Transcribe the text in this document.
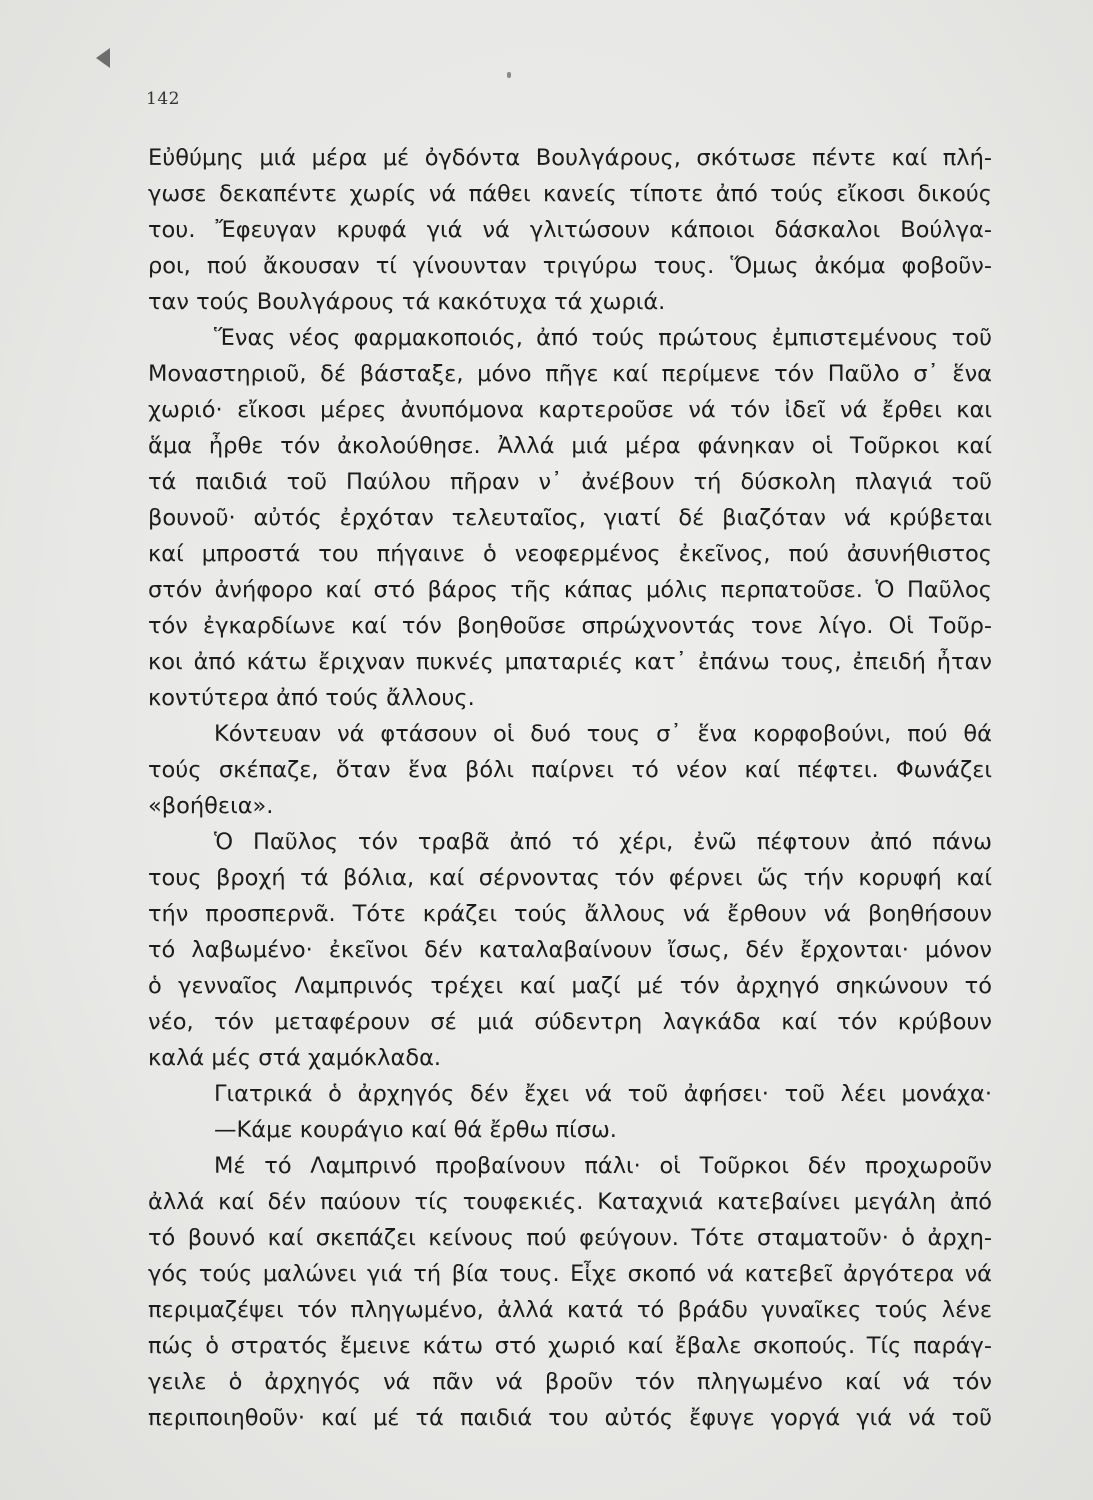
142
Εὐθύμης μιά μέρα μέ ὀγδόντα Βουλγάρους, σκότωσε πέντε καί πλή-
γωσε δεκαπέντε χωρίς νά πάθει κανείς τίποτε ἀπό τούς εἴκοσι δικούς
του. Ἔφευγαν κρυφά γιά νά γλιτώσουν κάποιοι δάσκαλοι Βούλγα-
ροι, πού ἄκουσαν τί γίνουνταν τριγύρω τους. Ὅμως ἀκόμα φοβοῦν-
ταν τούς Βουλγάρους τά κακότυχα τά χωριά.
Ἕνας νέος φαρμακοποιός, ἀπό τούς πρώτους ἐμπιστεμένους τοῦ
Μοναστηριοῦ, δέ βάσταξε, μόνο πῆγε καί περίμενε τόν Παῦλο σ᾿ ἕνα
χωριό· εἴκοσι μέρες ἀνυπόμονα καρτεροῦσε νά τόν ἰδεῖ νά ἔρθει και
ἅμα ἦρθε τόν ἀκολούθησε. Ἀλλά μιά μέρα φάνηκαν οἱ Τοῦρκοι καί
τά παιδιά τοῦ Παύλου πῆραν ν᾿ ἀνέβουν τή δύσκολη πλαγιά τοῦ
βουνοῦ· αὐτός ἐρχόταν τελευταῖος, γιατί δέ βιαζόταν νά κρύβεται
καί μπροστά του πήγαινε ὁ νεοφερμένος ἐκεῖνος, πού ἀσυνήθιστος
στόν ἀνήφορο καί στό βάρος τῆς κάπας μόλις περπατοῦσε. Ὁ Παῦλος
τόν ἐγκαρδίωνε καί τόν βοηθοῦσε σπρώχνοντάς τονε λίγο. Οἱ Τοῦρ-
κοι ἀπό κάτω ἔριχναν πυκνές μπαταριές κατ᾿ ἐπάνω τους, ἐπειδή ἦταν
κοντύτερα ἀπό τούς ἄλλους.
Κόντευαν νά φτάσουν οἱ δυό τους σ᾿ ἕνα κορφοβούνι, πού θά
τούς σκέπαζε, ὅταν ἕνα βόλι παίρνει τό νέον καί πέφτει. Φωνάζει
«βοήθεια».
Ὁ Παῦλος τόν τραβᾶ ἀπό τό χέρι, ἐνῶ πέφτουν ἀπό πάνω
τους βροχή τά βόλια, καί σέρνοντας τόν φέρνει ὥς τήν κορυφή καί
τήν προσπερνᾶ. Τότε κράζει τούς ἄλλους νά ἔρθουν νά βοηθήσουν
τό λαβωμένο· ἐκεῖνοι δέν καταλαβαίνουν ἴσως, δέν ἔρχονται· μόνον
ὁ γενναῖος Λαμπρινός τρέχει καί μαζί μέ τόν ἀρχηγό σηκώνουν τό
νέο, τόν μεταφέρουν σέ μιά σύδεντρη λαγκάδα καί τόν κρύβουν
καλά μές στά χαμόκλαδα.
Γιατρικά ὁ ἀρχηγός δέν ἔχει νά τοῦ ἀφήσει· τοῦ λέει μονάχα·
—Κάμε κουράγιο καί θά ἔρθω πίσω.
Μέ τό Λαμπρινό προβαίνουν πάλι· οἱ Τοῦρκοι δέν προχωροῦν
ἀλλά καί δέν παύουν τίς τουφεκιές. Καταχνιά κατεβαίνει μεγάλη ἀπό
τό βουνό καί σκεπάζει κείνους πού φεύγουν. Τότε σταματοῦν· ὁ ἀρχη-
γός τούς μαλώνει γιά τή βία τους. Εἶχε σκοπό νά κατεβεῖ ἀργότερα νά
περιμαζέψει τόν πληγωμένο, ἀλλά κατά τό βράδυ γυναῖκες τούς λένε
πώς ὁ στρατός ἔμεινε κάτω στό χωριό καί ἔβαλε σκοπούς. Τίς παράγ-
γειλε ὁ ἀρχηγός νά πᾶν νά βροῦν τόν πληγωμένο καί νά τόν
περιποιηθοῦν· καί μέ τά παιδιά του αὐτός ἔφυγε γοργά γιά νά τοῦ
